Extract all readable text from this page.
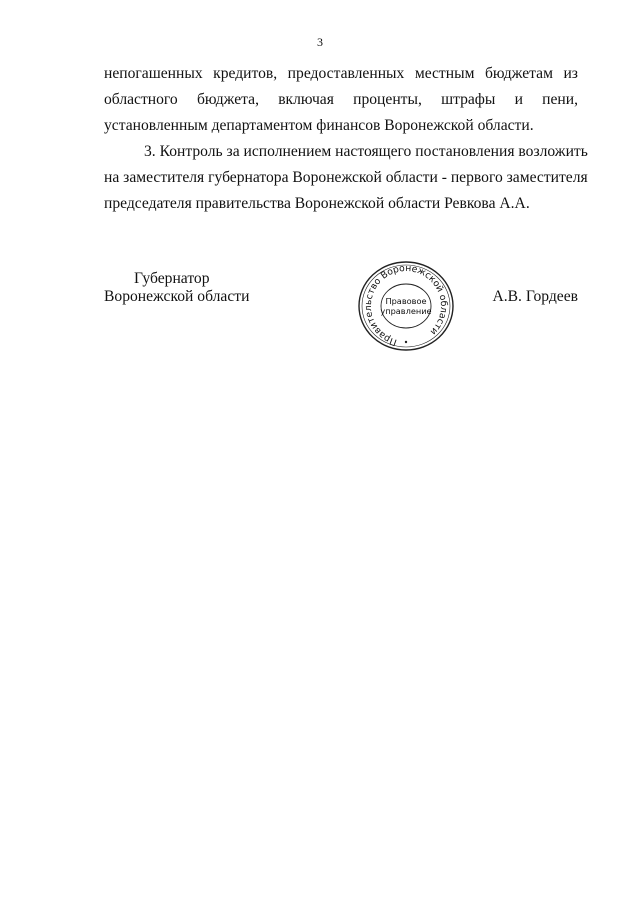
3
непогашенных кредитов, предоставленных местным бюджетам из
областного бюджета, включая проценты, штрафы и пени,
установленным департаментом финансов Воронежской области.
3. Контроль за исполнением настоящего постановления возложить
на заместителя губернатора Воронежской области - первого заместителя
председателя правительства Воронежской области Ревкова А.А.
Губернатор
Воронежской области
Правительство Воронежской области
Правовое
управление
А.В. Гордеев
